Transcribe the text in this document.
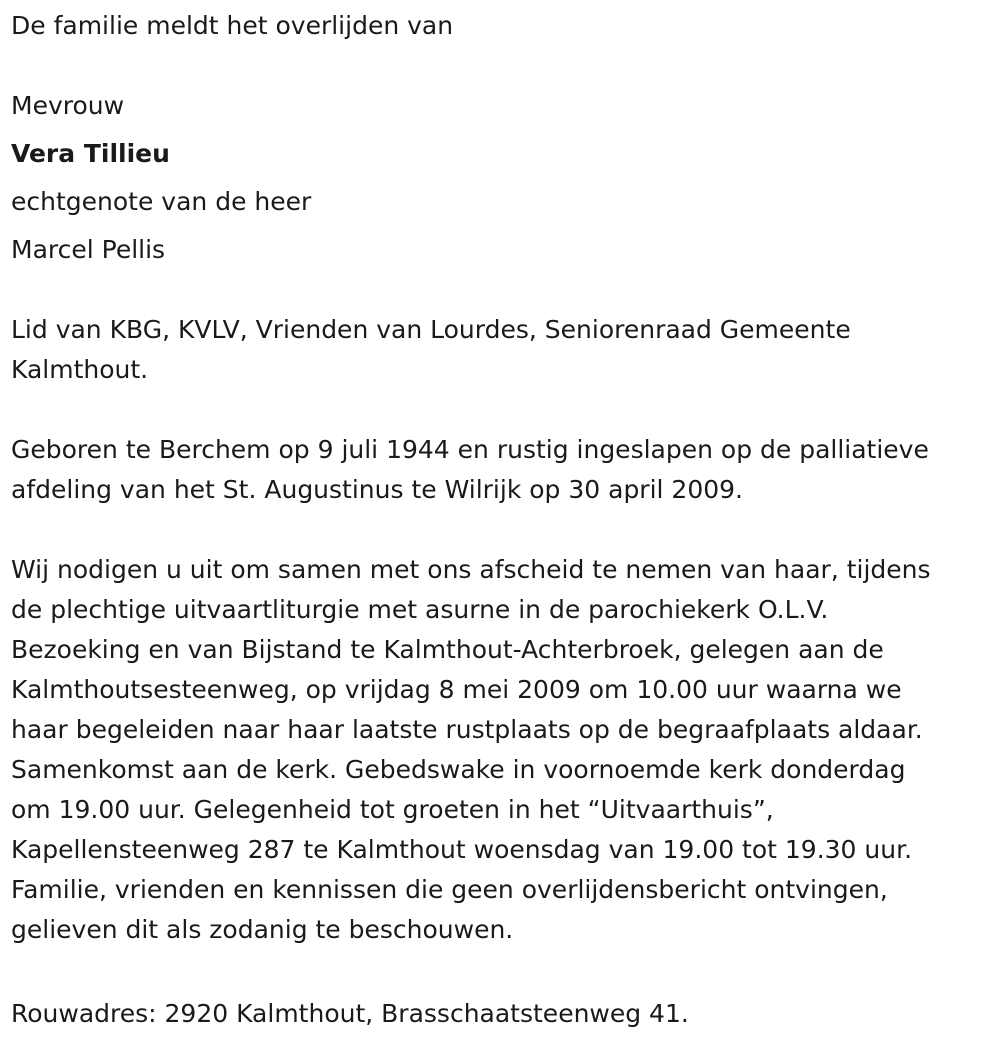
De familie meldt het overlijden van

Mevrouw

Vera Tillieu

echtgenote van de heer

Marcel Pellis

Lid van KBG, KVLV, Vrienden van Lourdes, Seniorenraad Gemeente
Kalmthout.

Geboren te Berchem op 9 juli 1944 en rustig ingeslapen op de palliatieve
afdeling van het St. Augustinus te Wilrijk op 30 april 2009.

Wij nodigen u uit om samen met ons afscheid te nemen van haar, tijdens
de plechtige uitvaartliturgie met asurne in de parochiekerk O.L.V.
Bezoeking en van Bijstand te Kalmthout-Achterbroek, gelegen aan de
Kalmthoutsesteenweg, op vrijdag 8 mei 2009 om 10.00 uur waarna we
haar begeleiden naar haar laatste rustplaats op de begraafplaats aldaar.
Samenkomst aan de kerk. Gebedswake in voornoemde kerk donderdag
om 19.00 uur. Gelegenheid tot groeten in het “Uitvaarthuis”,
Kapellensteenweg 287 te Kalmthout woensdag van 19.00 tot 19.30 uur.
Familie, vrienden en kennissen die geen overlijdensbericht ontvingen,
gelieven dit als zodanig te beschouwen.

Rouwadres: 2920 Kalmthout, Brasschaatsteenweg 41.
